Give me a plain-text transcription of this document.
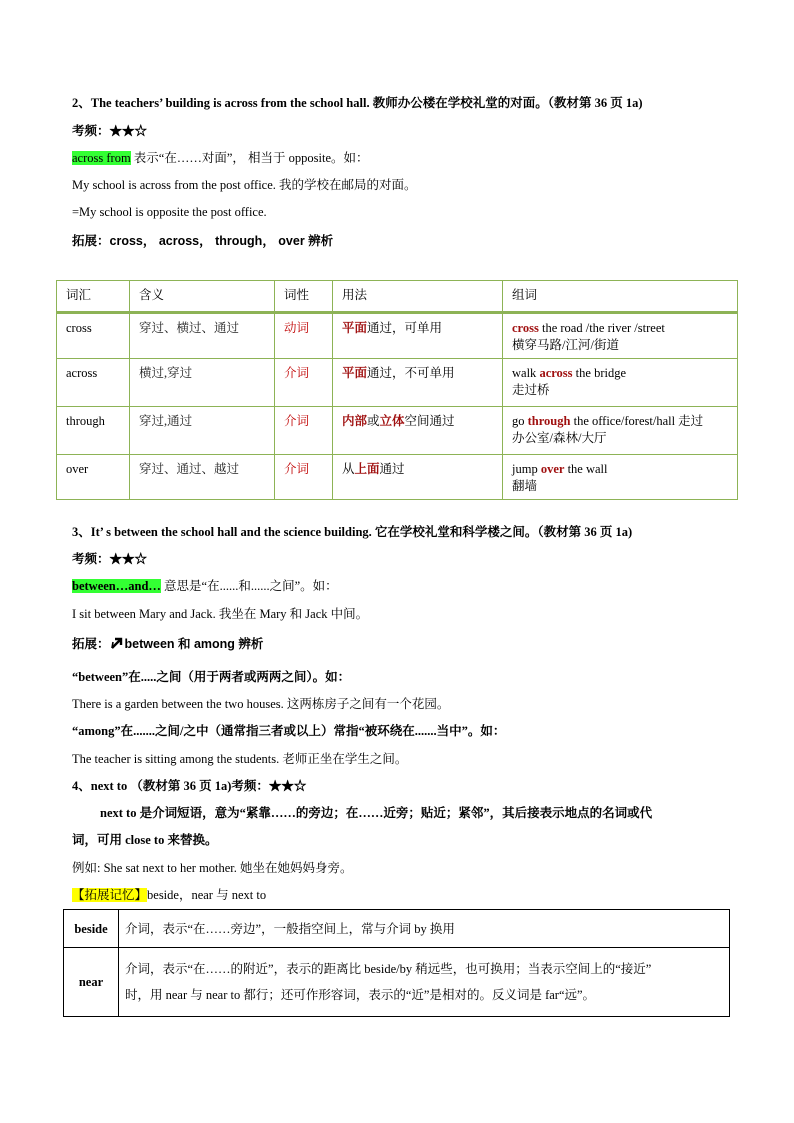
2、The teachers’ building is across from the school hall. 教师办公楼在学校礼堂的对面。（教材第 36 页 1a)
考频：★★☆
across from 表示“在……对面”， 相当于 opposite。如：
My school is across from the post office. 我的学校在邮局的对面。
=My school is opposite the post office.
拓展：cross， across， through， over 辨析
词汇	含义	词性	用法	组词
cross	穿过、横过、通过	动词	平面通过，可单用	cross the road /the river /street
横穿马路/江河/街道
across	横过,穿过	介词	平面通过，不可单用	walk across the bridge
走过桥
through	穿过,通过	介词	内部或立体空间通过	go through the office/forest/hall 走过
办公室/森林/大厅
over	穿过、通过、越过	介词	从上面通过	jump over the wall
翻墙
3、It’ s between the school hall and the science building. 它在学校礼堂和科学楼之间。（教材第 36 页 1a)
考频：★★☆
between…and… 意思是“在......和......之间”。如：
I sit between Mary and Jack. 我坐在 Mary 和 Jack 中间。
拓展： between 和 among 辨析
“between”在.....之间（用于两者或两两之间）。如：
There is a garden between the two houses. 这两栋房子之间有一个花园。
“among”在.......之间/之中（通常指三者或以上）常指“被环绕在.......当中”。如：
The teacher is sitting among the students. 老师正坐在学生之间。
4、next to （教材第 36 页 1a)考频：★★☆
next to 是介词短语，意为“紧靠……的旁边；在……近旁；贴近；紧邻”，其后接表示地点的名词或代
词，可用 close to 来替换。
例如: She sat next to her mother. 她坐在她妈妈身旁。
【拓展记忆】beside，near 与 next to
beside	介词，表示“在……旁边”，一般指空间上，常与介词 by 换用
near	介词，表示“在……的附近”，表示的距离比 beside/by 稍远些，也可换用；当表示空间上的“接近”
时，用 near 与 near to 都行；还可作形容词，表示的“近”是相对的。反义词是 far“远”。
